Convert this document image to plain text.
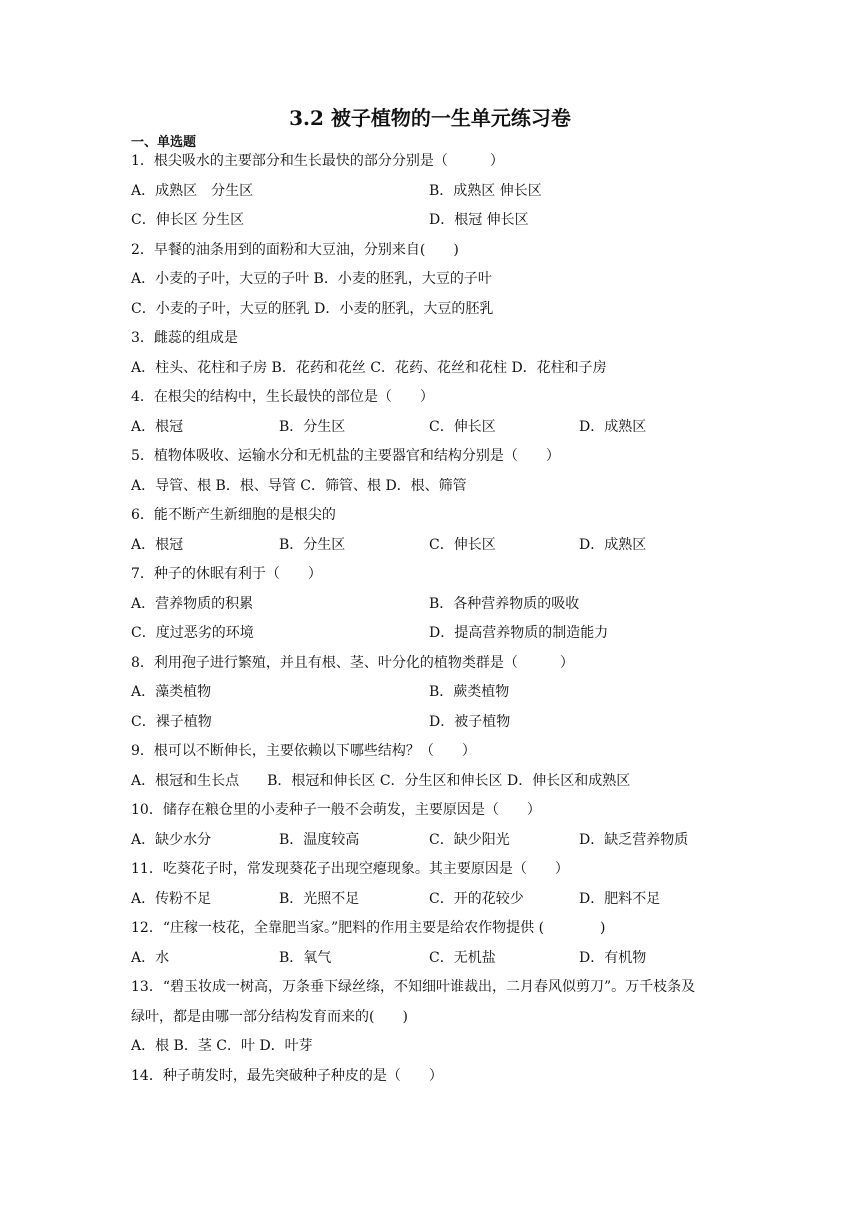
3.2 被子植物的一生单元练习卷
一、单选题
1．根尖吸水的主要部分和生长最快的部分分别是（　　　）
A．成熟区　分生区	B．成熟区 伸长区
C．伸长区 分生区	D．根冠 伸长区
2．早餐的油条用到的面粉和大豆油，分别来自(　　)
A．小麦的子叶，大豆的子叶 B．小麦的胚乳，大豆的子叶
C．小麦的子叶，大豆的胚乳 D．小麦的胚乳，大豆的胚乳
3．雌蕊的组成是
A．柱头、花柱和子房 B．花药和花丝 C．花药、花丝和花柱 D．花柱和子房
4．在根尖的结构中，生长最快的部位是（　　）
A．根冠	B．分生区	C．伸长区	D．成熟区
5．植物体吸收、运输水分和无机盐的主要器官和结构分别是（　　）
A．导管、根 B．根、导管 C．筛管、根 D．根、筛管
6．能不断产生新细胞的是根尖的
A．根冠	B．分生区	C．伸长区	D．成熟区
7．种子的休眠有利于（　　）
A．营养物质的积累	B．各种营养物质的吸收
C．度过恶劣的环境	D．提高营养物质的制造能力
8．利用孢子进行繁殖，并且有根、茎、叶分化的植物类群是（　　　）
A．藻类植物	B．蕨类植物
C．裸子植物	D．被子植物
9．根可以不断伸长，主要依赖以下哪些结构？（　　）
A．根冠和生长点　　B．根冠和伸长区 C．分生区和伸长区 D．伸长区和成熟区
10．储存在粮仓里的小麦种子一般不会萌发，主要原因是（　　）
A．缺少水分	B．温度较高	C．缺少阳光	D．缺乏营养物质
11．吃葵花子时，常发现葵花子出现空瘪现象。其主要原因是（　　）
A．传粉不足	B．光照不足	C．开的花较少	D．肥料不足
12．“庄稼一枝花，全靠肥当家。”肥料的作用主要是给农作物提供 (　　　　)
A．水	B．氧气	C．无机盐	D．有机物
13．“碧玉妆成一树高，万条垂下绿丝绦，不知细叶谁裁出，二月春风似剪刀”。万千枝条及
绿叶，都是由哪一部分结构发育而来的(　　)
A．根 B．茎 C．叶 D．叶芽
14．种子萌发时，最先突破种子种皮的是（　　）
